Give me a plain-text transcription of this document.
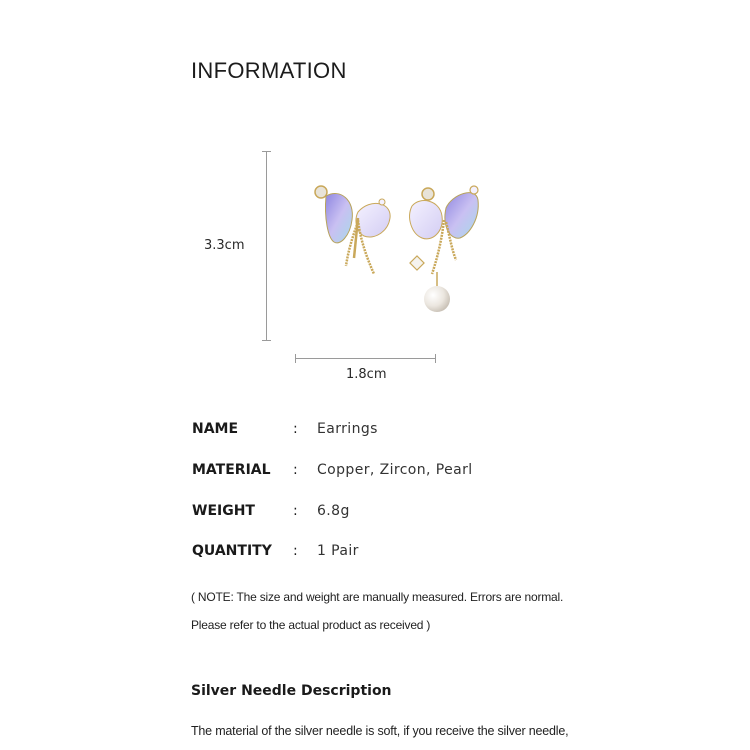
INFORMATION
3.3cm
1.8cm
NAME	: Earrings
MATERIAL : Copper, Zircon, Pearl
WEIGHT	: 6.8g
QUANTITY : 1 Pair
( NOTE: The size and weight are manually measured. Errors are normal.
Please refer to the actual product as received )
Silver Needle Description
The material of the silver needle is soft, if you receive the silver needle,
